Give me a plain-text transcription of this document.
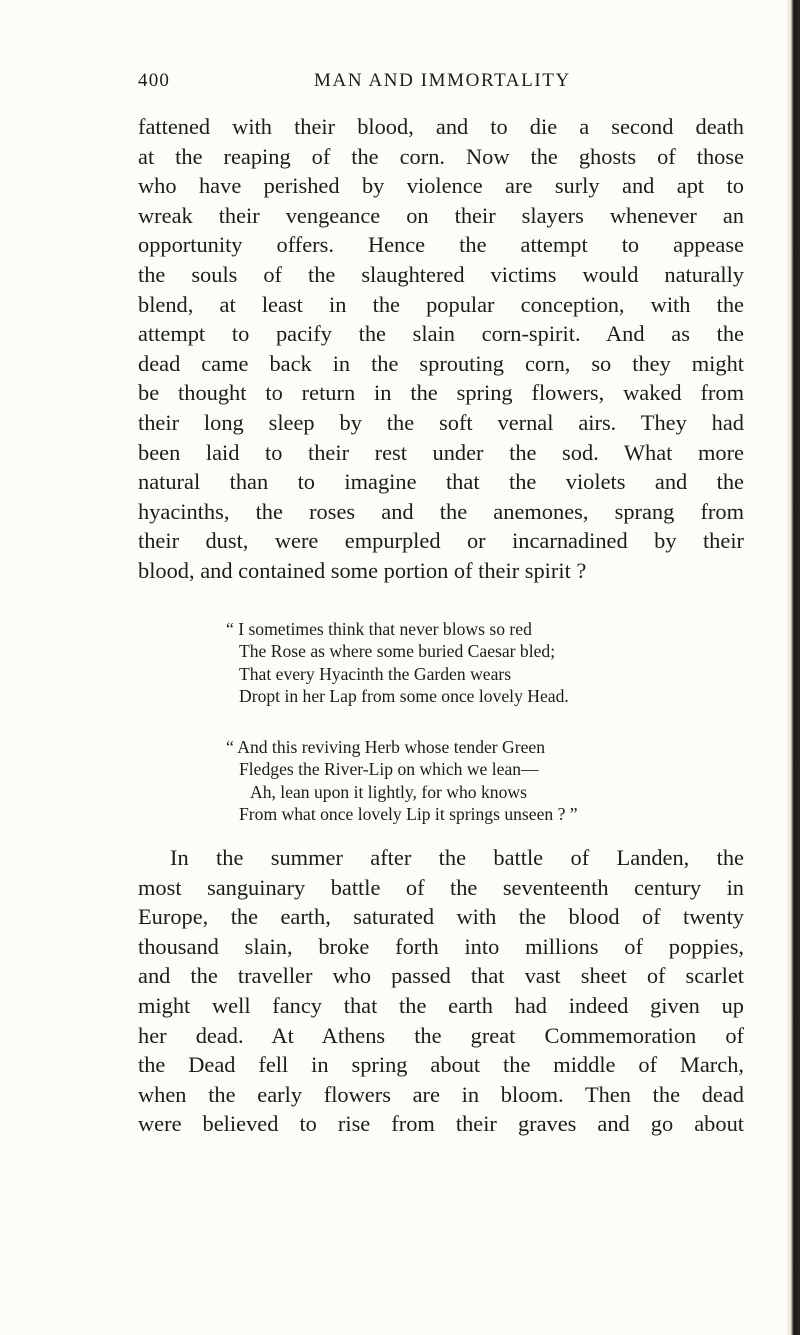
400	MAN AND IMMORTALITY
fattened with their blood, and to die a second death
at the reaping of the corn. Now the ghosts of those
who have perished by violence are surly and apt to
wreak their vengeance on their slayers whenever an
opportunity offers. Hence the attempt to appease
the souls of the slaughtered victims would naturally
blend, at least in the popular conception, with the
attempt to pacify the slain corn-spirit. And as the
dead came back in the sprouting corn, so they might
be thought to return in the spring flowers, waked from
their long sleep by the soft vernal airs. They had
been laid to their rest under the sod. What more
natural than to imagine that the violets and the
hyacinths, the roses and the anemones, sprang from
their dust, were empurpled or incarnadined by their
blood, and contained some portion of their spirit ?
“ I sometimes think that never blows so red
The Rose as where some buried Caesar bled;
That every Hyacinth the Garden wears
Dropt in her Lap from some once lovely Head.
“ And this reviving Herb whose tender Green
Fledges the River-Lip on which we lean—
Ah, lean upon it lightly, for who knows
From what once lovely Lip it springs unseen ? ”
In the summer after the battle of Landen, the
most sanguinary battle of the seventeenth century in
Europe, the earth, saturated with the blood of twenty
thousand slain, broke forth into millions of poppies,
and the traveller who passed that vast sheet of scarlet
might well fancy that the earth had indeed given up
her dead. At Athens the great Commemoration of
the Dead fell in spring about the middle of March,
when the early flowers are in bloom. Then the dead
were believed to rise from their graves and go about
